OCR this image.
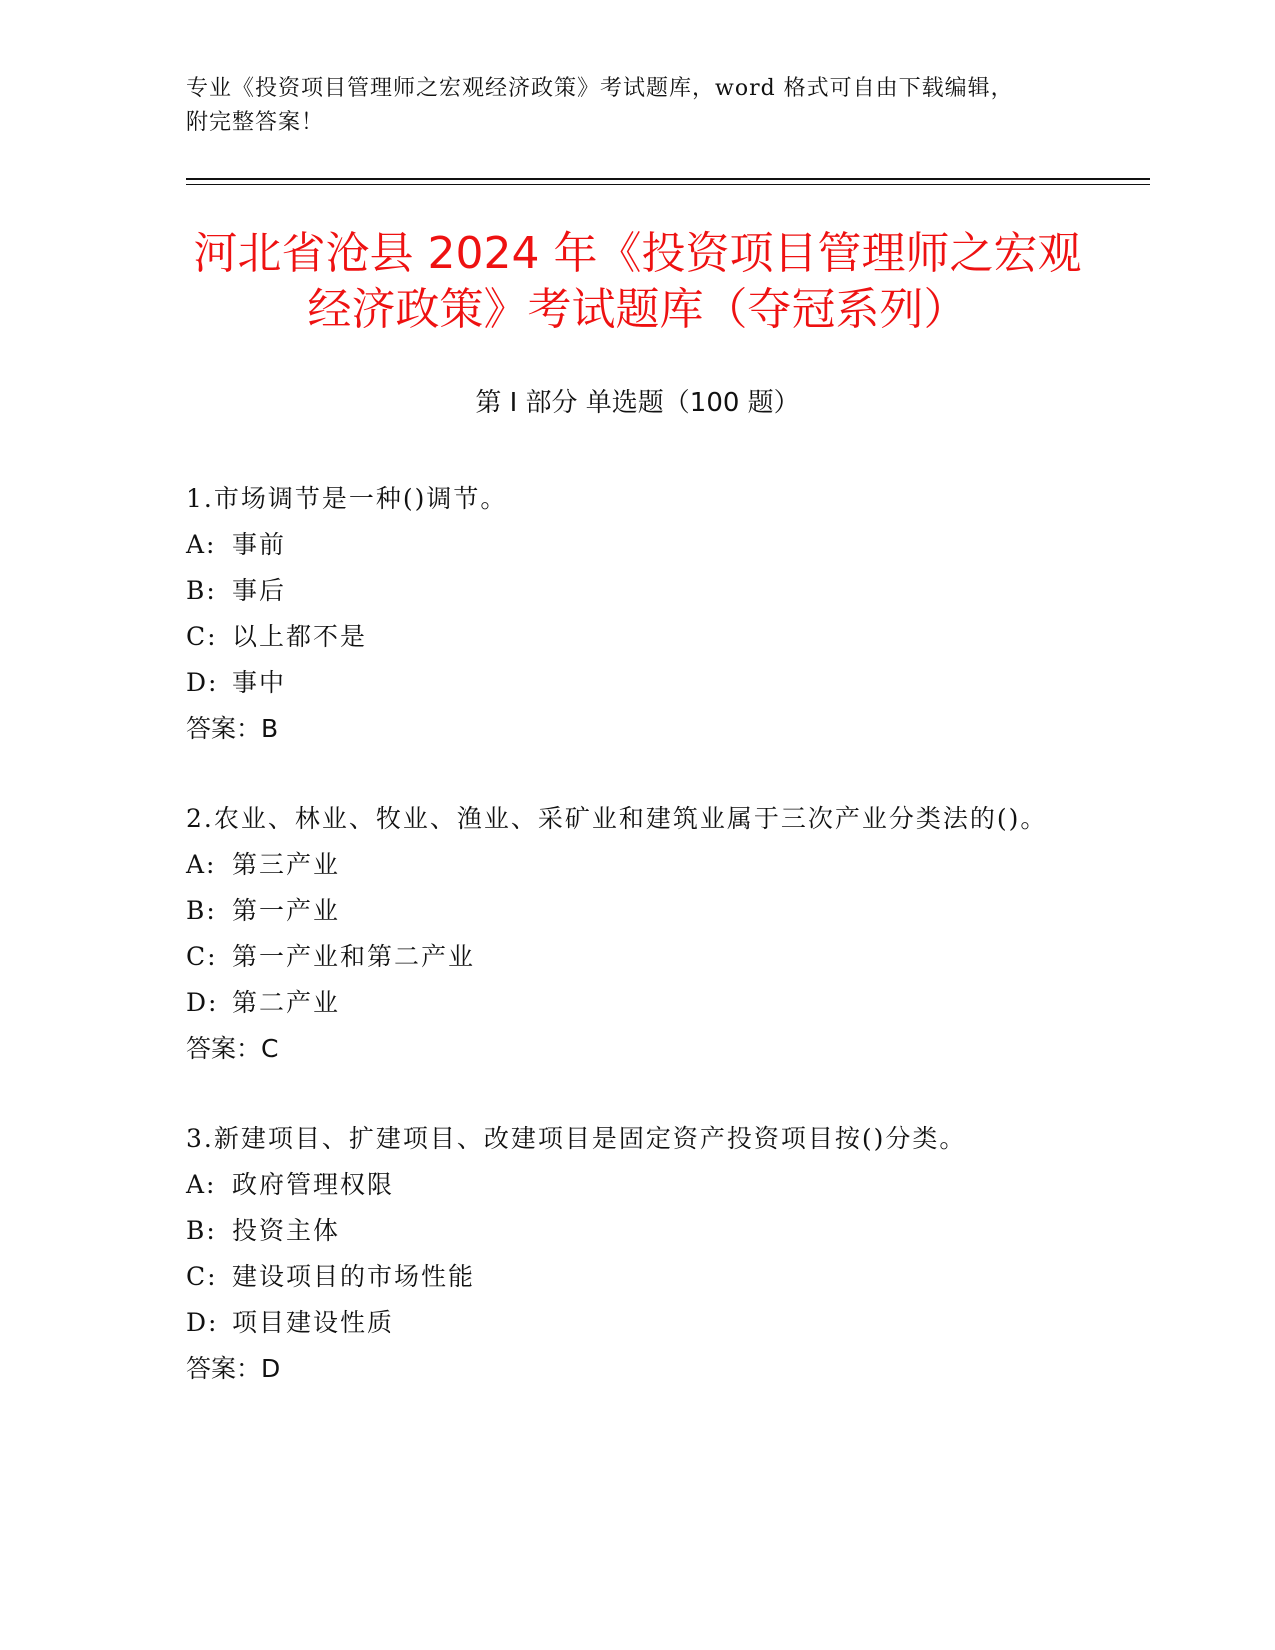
专业《投资项目管理师之宏观经济政策》考试题库，word 格式可自由下载编辑，
附完整答案！
河北省沧县 2024 年《投资项目管理师之宏观
经济政策》考试题库（夺冠系列）
第 I 部分 单选题（100 题）
1.市场调节是一种()调节。
A: 事前
B: 事后
C: 以上都不是
D: 事中
答案：B
2.农业、林业、牧业、渔业、采矿业和建筑业属于三次产业分类法的()。
A: 第三产业
B: 第一产业
C: 第一产业和第二产业
D: 第二产业
答案：C
3.新建项目、扩建项目、改建项目是固定资产投资项目按()分类。
A: 政府管理权限
B: 投资主体
C: 建设项目的市场性能
D: 项目建设性质
答案：D
